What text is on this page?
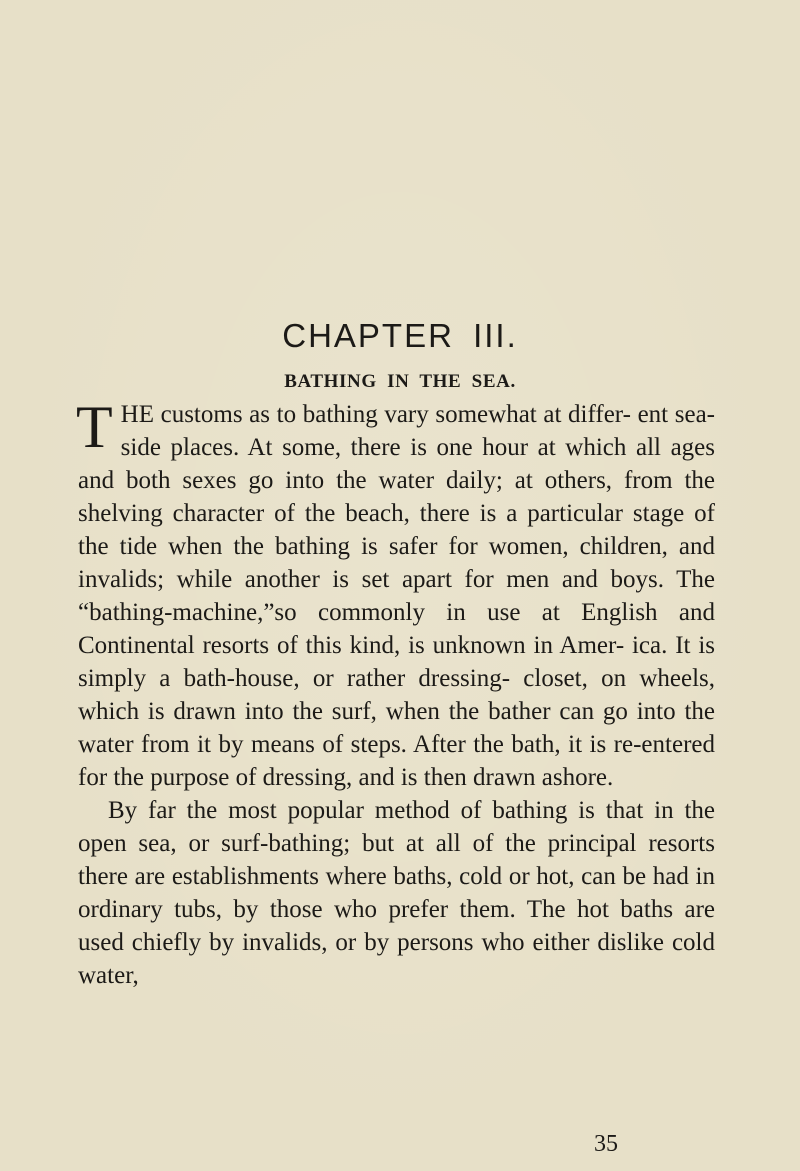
CHAPTER III.
BATHING IN THE SEA.

THE customs as to bathing vary somewhat at differ- ent sea-side places. At some, there is one hour at which all ages and both sexes go into the water daily; at others, from the shelving character of the beach, there is a particular stage of the tide when the bathing is safer for women, children, and invalids; while another is set apart for men and boys. The “bathing-machine,”so commonly in use at English and Continental resorts of this kind, is unknown in Amer- ica. It is simply a bath-house, or rather dressing- closet, on wheels, which is drawn into the surf, when the bather can go into the water from it by means of steps. After the bath, it is re-entered for the purpose of dressing, and is then drawn ashore.

By far the most popular method of bathing is that in the open sea, or surf-bathing; but at all of the principal resorts there are establishments where baths, cold or hot, can be had in ordinary tubs, by those who prefer them. The hot baths are used chiefly by invalids, or by persons who either dislike cold water,

35
